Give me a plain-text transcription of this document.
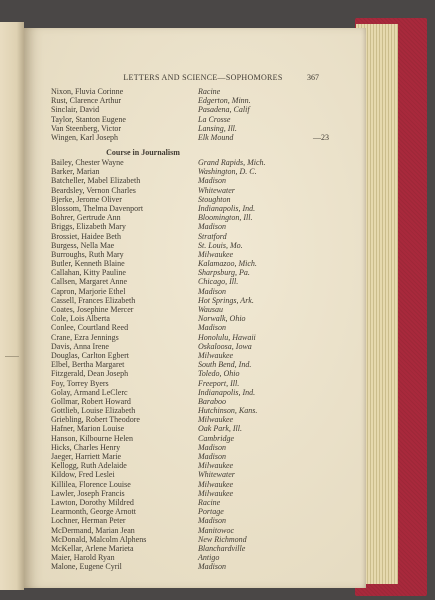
LETTERS AND SCIENCE—SOPHOMORES	367
Nixon, Fluvia Corinne	Racine
Rust, Clarence Arthur	Edgerton, Minn.
Sinclair, David	Pasadena, Calif
Taylor, Stanton Eugene	La Crosse
Van Steenberg, Victor	Lansing, Ill.
Wingen, Karl Joseph	Elk Mound	—23
Course in Journalism
Bailey, Chester Wayne	Grand Rapids, Mich.
Barker, Marian	Washington, D. C.
Batcheller, Mabel Elizabeth	Madison
Beardsley, Vernon Charles	Whitewater
Bjerke, Jerome Oliver	Stoughton
Blossom, Thelma Davenport	Indianapolis, Ind.
Bohrer, Gertrude Ann	Bloomington, Ill.
Briggs, Elizabeth Mary	Madison
Brossiet, Haidee Beth	Stratford
Burgess, Nella Mae	St. Louis, Mo.
Burroughs, Ruth Mary	Milwaukee
Butler, Kenneth Blaine	Kalamazoo, Mich.
Callahan, Kitty Pauline	Sharpsburg, Pa.
Callsen, Margaret Anne	Chicago, Ill.
Capron, Marjorie Ethel	Madison
Cassell, Frances Elizabeth	Hot Springs, Ark.
Coates, Josephine Mercer	Wausau
Cole, Lois Alberta	Norwalk, Ohio
Conlee, Courtland Reed	Madison
Crane, Ezra Jennings	Honolulu, Hawaii
Davis, Anna Irene	Oskaloosa, Iowa
Douglas, Carlton Egbert	Milwaukee
Elbel, Bertha Margaret	South Bend, Ind.
Fitzgerald, Dean Joseph	Toledo, Ohio
Foy, Torrey Byers	Freeport, Ill.
Golay, Armand LeClerc	Indianapolis, Ind.
Gollmar, Robert Howard	Baraboo
Gottlieb, Louise Elizabeth	Hutchinson, Kans.
Griebling, Robert Theodore	Milwaukee
Hafner, Marion Louise	Oak Park, Ill.
Hanson, Kilbourne Helen	Cambridge
Hicks, Charles Henry	Madison
Jaeger, Harriett Marie	Madison
Kellogg, Ruth Adelaide	Milwaukee
Kildow, Fred Leslei	Whitewater
Killilea, Florence Louise	Milwaukee
Lawler, Joseph Francis	Milwaukee
Lawton, Dorothy Mildred	Racine
Learmonth, George Arnott	Portage
Lochner, Herman Peter	Madison
McDermand, Marian Jean	Manitowoc
McDonald, Malcolm Alphens	New Richmond
McKellar, Arlene Marieta	Blanchardville
Maier, Harold Ryan	Antigo
Malone, Eugene Cyril	Madison
